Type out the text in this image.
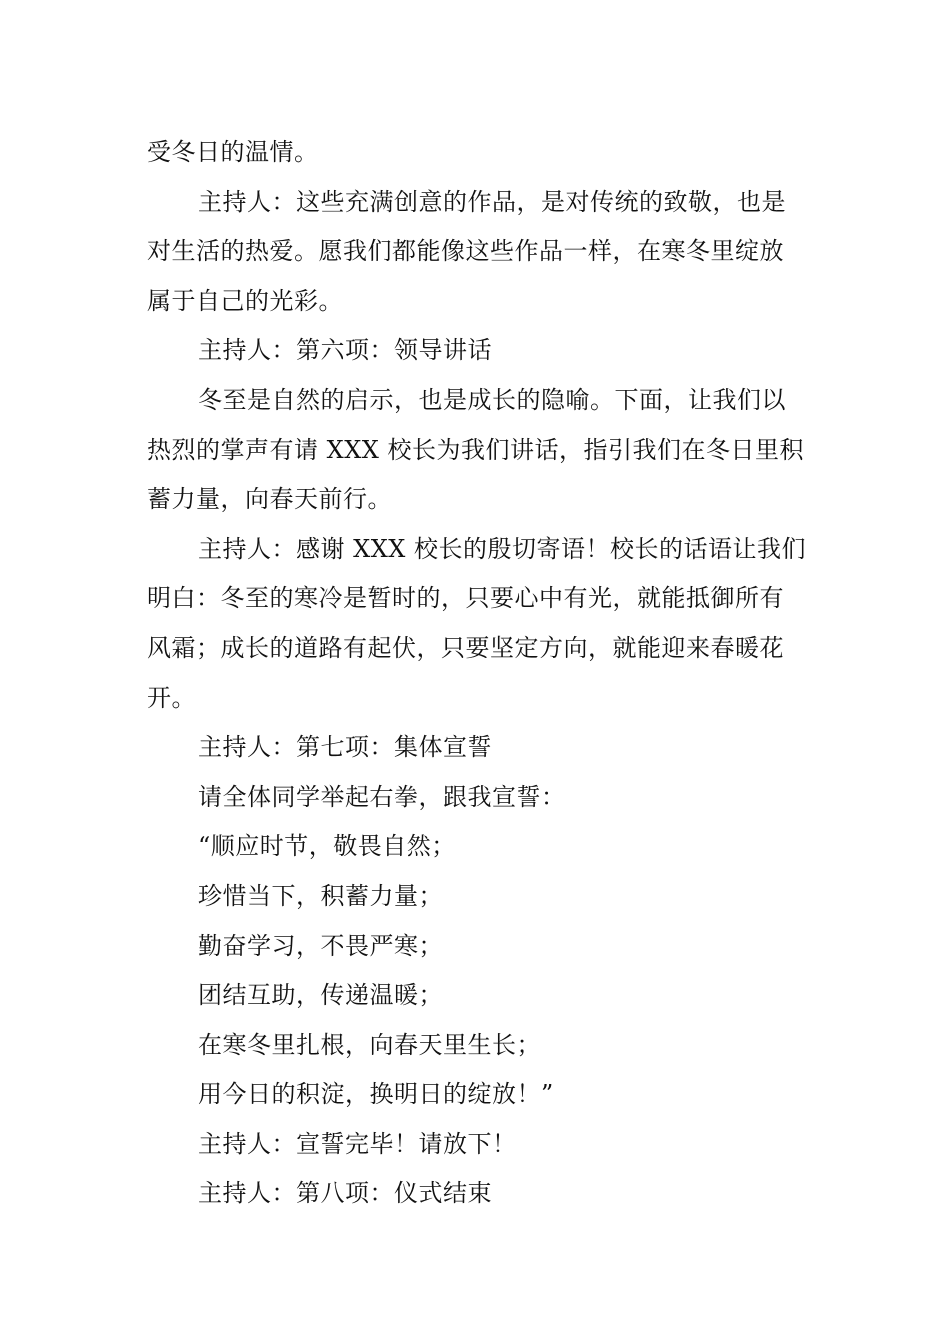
受冬日的温情。

主持人：这些充满创意的作品，是对传统的致敬，也是对生活的热爱。愿我们都能像这些作品一样，在寒冬里绽放属于自己的光彩。

主持人：第六项：领导讲话

冬至是自然的启示，也是成长的隐喻。下面，让我们以热烈的掌声有请 XXX 校长为我们讲话，指引我们在冬日里积蓄力量，向春天前行。

主持人：感谢 XXX 校长的殷切寄语！校长的话语让我们明白：冬至的寒冷是暂时的，只要心中有光，就能抵御所有风霜；成长的道路有起伏，只要坚定方向，就能迎来春暖花开。

主持人：第七项：集体宣誓

请全体同学举起右拳，跟我宣誓：

“顺应时节，敬畏自然；

珍惜当下，积蓄力量；

勤奋学习，不畏严寒；

团结互助，传递温暖；

在寒冬里扎根，向春天里生长；

用今日的积淀，换明日的绽放！”

主持人：宣誓完毕！请放下！

主持人：第八项：仪式结束
